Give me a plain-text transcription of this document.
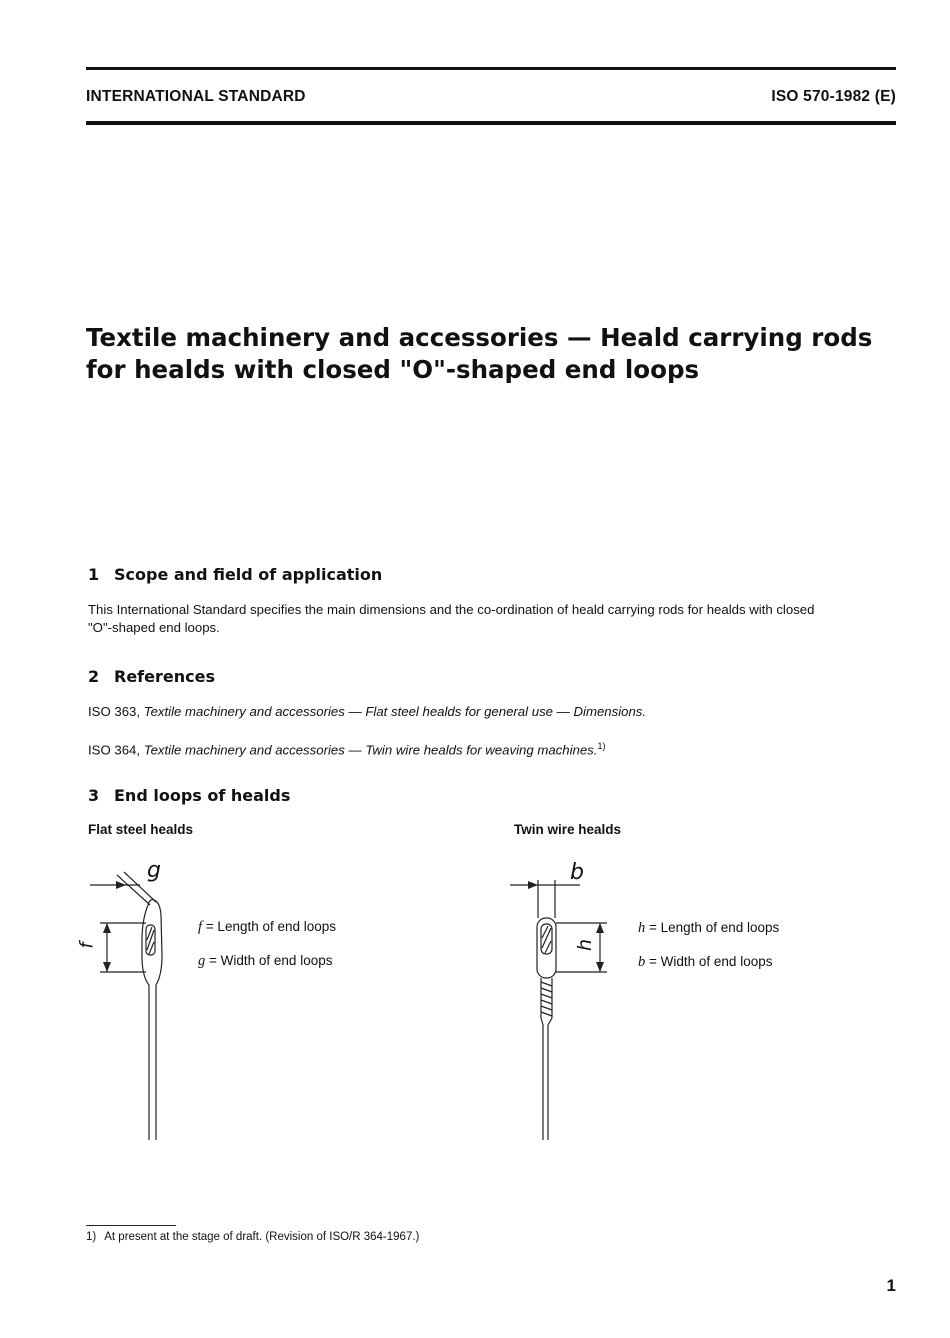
INTERNATIONAL STANDARD	ISO 570-1982 (E)
Textile machinery and accessories — Heald carrying rods
for healds with closed "O"-shaped end loops
1 Scope and field of application
This International Standard specifies the main dimensions and the co-ordination of heald carrying rods for healds with closed
"O"-shaped end loops.
2 References
ISO 363, Textile machinery and accessories — Flat steel healds for general use — Dimensions.
ISO 364, Textile machinery and accessories — Twin wire healds for weaving machines.$^{1)}$
3 End loops of healds
Flat steel healds	Twin wire healds
g
f
b
h
f = Length of end loops
g = Width of end loops
h = Length of end loops
b = Width of end loops
1) At present at the stage of draft. (Revision of ISO/R 364-1967.)
1
